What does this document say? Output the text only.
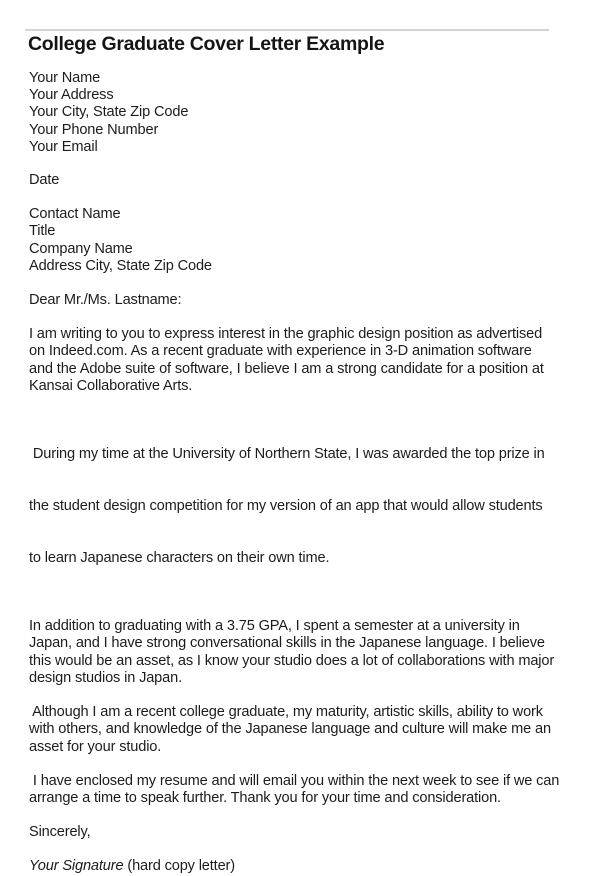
College Graduate Cover Letter Example
Your Name
Your Address
Your City, State Zip Code
Your Phone Number
Your Email
Date
Contact Name
Title
Company Name
Address City, State Zip Code
Dear Mr./Ms. Lastname:
I am writing to you to express interest in the graphic design position as advertised
on Indeed.com. As a recent graduate with experience in 3-D animation software
and the Adobe suite of software, I believe I am a strong candidate for a position at
Kansai Collaborative Arts.

During my time at the University of Northern State, I was awarded the top prize in

the student design competition for my version of an app that would allow students

to learn Japanese characters on their own time.

In addition to graduating with a 3.75 GPA, I spent a semester at a university in
Japan, and I have strong conversational skills in the Japanese language. I believe
this would be an asset, as I know your studio does a lot of collaborations with major
design studios in Japan.
Although I am a recent college graduate, my maturity, artistic skills, ability to work
with others, and knowledge of the Japanese language and culture will make me an
asset for your studio.
I have enclosed my resume and will email you within the next week to see if we can
arrange a time to speak further. Thank you for your time and consideration.
Sincerely,
Your Signature (hard copy letter)
